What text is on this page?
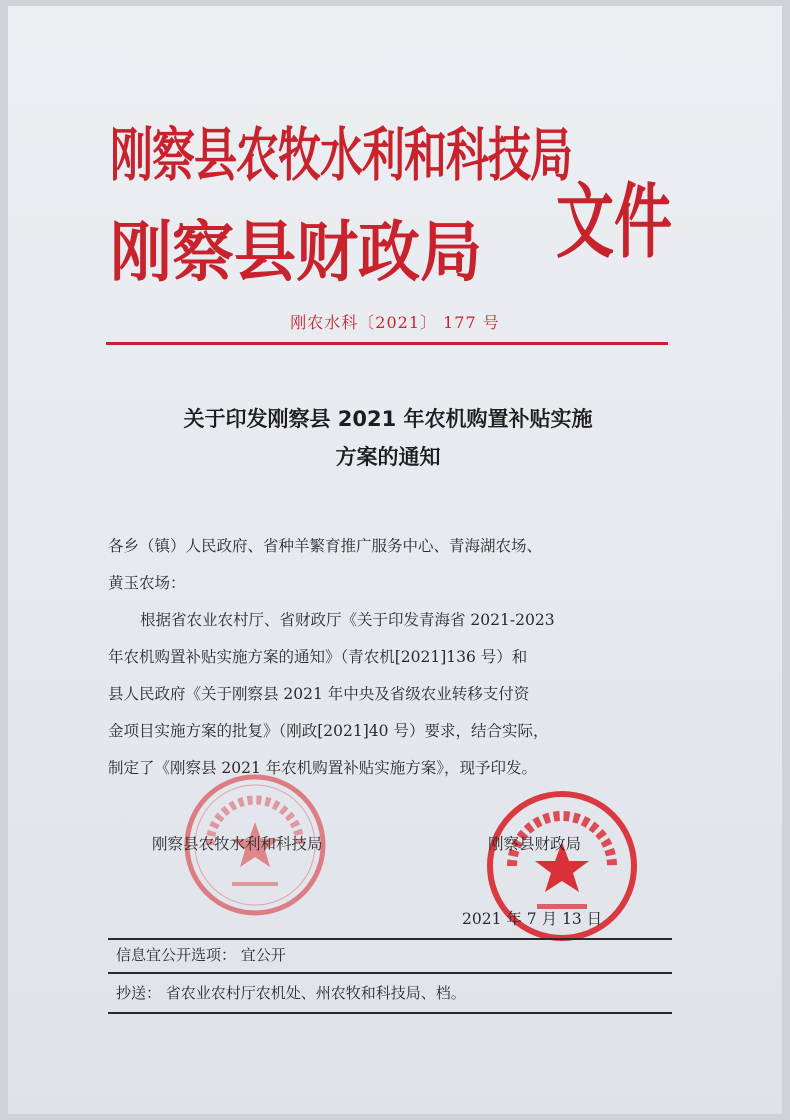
刚察县农牧水利和科技局
刚察县财政局	文件
刚农水科〔2021〕 177 号
关于印发刚察县 2021 年农机购置补贴实施
方案的通知
各乡（镇）人民政府、省种羊繁育推广服务中心、青海湖农场、
黄玉农场：
根据省农业农村厅、省财政厅《关于印发青海省 2021-2023
年农机购置补贴实施方案的通知》（青农机[2021]136 号）和
县人民政府《关于刚察县 2021 年中央及省级农业转移支付资
金项目实施方案的批复》（刚政[2021]40 号）要求，结合实际，
制定了《刚察县 2021 年农机购置补贴实施方案》，现予印发。
刚察县农牧水利和科技局	刚察县财政局
2021 年 7 月 13 日
信息宜公开选项： 宜公开
抄送： 省农业农村厅农机处、州农牧和科技局、档。
